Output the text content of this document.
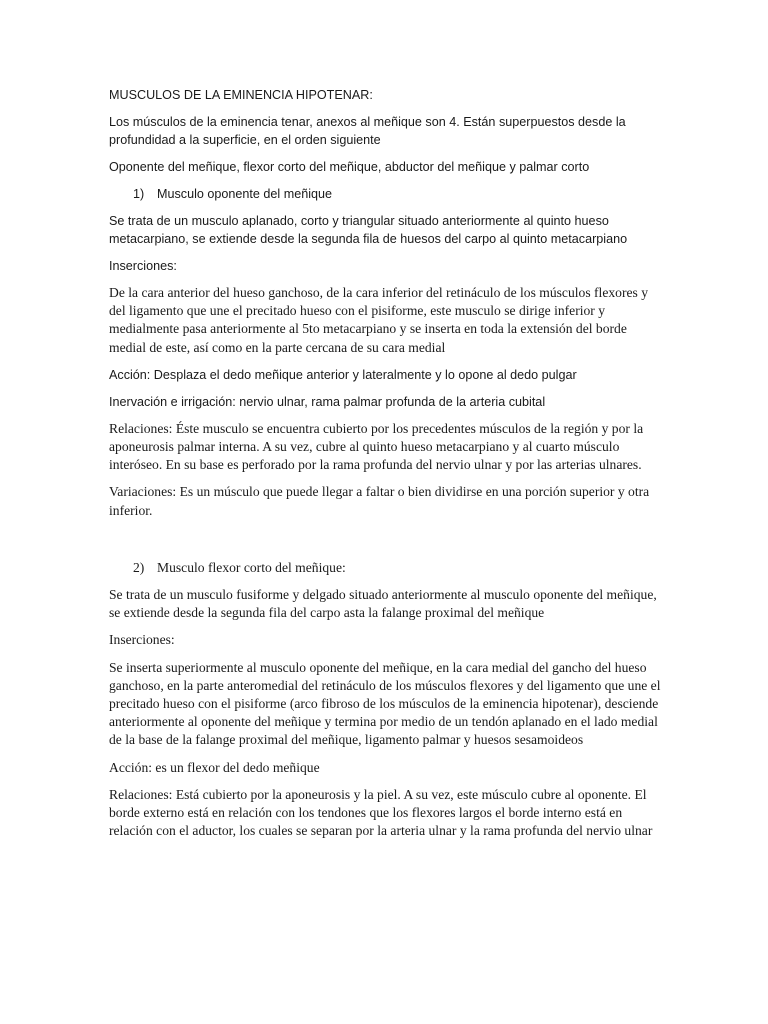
MUSCULOS DE LA EMINENCIA HIPOTENAR:

Los músculos de la eminencia tenar, anexos al meñique son 4. Están superpuestos desde la profundidad a la superficie, en el orden siguiente

Oponente del meñique, flexor corto del meñique, abductor del meñique y palmar corto

1)	Musculo oponente del meñique

Se trata de un musculo aplanado, corto y triangular situado anteriormente al quinto hueso metacarpiano, se extiende desde la segunda fila de huesos del carpo al quinto metacarpiano

Inserciones:

De la cara anterior del hueso ganchoso, de la cara inferior del retináculo de los músculos flexores y del ligamento que une el precitado hueso con el pisiforme, este musculo se dirige inferior y medialmente pasa anteriormente al 5to metacarpiano y se inserta en toda la extensión del borde medial de este, así como en la parte cercana de su cara medial

Acción: Desplaza el dedo meñique anterior y lateralmente y lo opone al dedo pulgar

Inervación e irrigación: nervio ulnar, rama palmar profunda de la arteria cubital

Relaciones: Éste musculo se encuentra cubierto por los precedentes músculos de la región y por la aponeurosis palmar interna. A su vez, cubre al quinto hueso metacarpiano y al cuarto músculo interóseo. En su base es perforado por la rama profunda del nervio ulnar y por las arterias ulnares.

Variaciones: Es un músculo que puede llegar a faltar o bien dividirse en una porción superior y otra inferior.

2) Musculo flexor corto del meñique:

Se trata de un musculo fusiforme y delgado situado anteriormente al musculo oponente del meñique, se extiende desde la segunda fila del carpo asta la falange proximal del meñique

Inserciones:

Se inserta superiormente al musculo oponente del meñique, en la cara medial del gancho del hueso ganchoso, en la parte anteromedial del retináculo de los músculos flexores y del ligamento que une el precitado hueso con el pisiforme (arco fibroso de los músculos de la eminencia hipotenar), desciende anteriormente al oponente del meñique y termina por medio de un tendón aplanado en el lado medial de la base de la falange proximal del meñique, ligamento palmar y huesos sesamoideos

Acción: es un flexor del dedo meñique

Relaciones: Está cubierto por la aponeurosis y la piel. A su vez, este músculo cubre al oponente. El borde externo está en relación con los tendones que los flexores largos el borde interno está en relación con el aductor, los cuales se separan por la arteria ulnar y la rama profunda del nervio ulnar
